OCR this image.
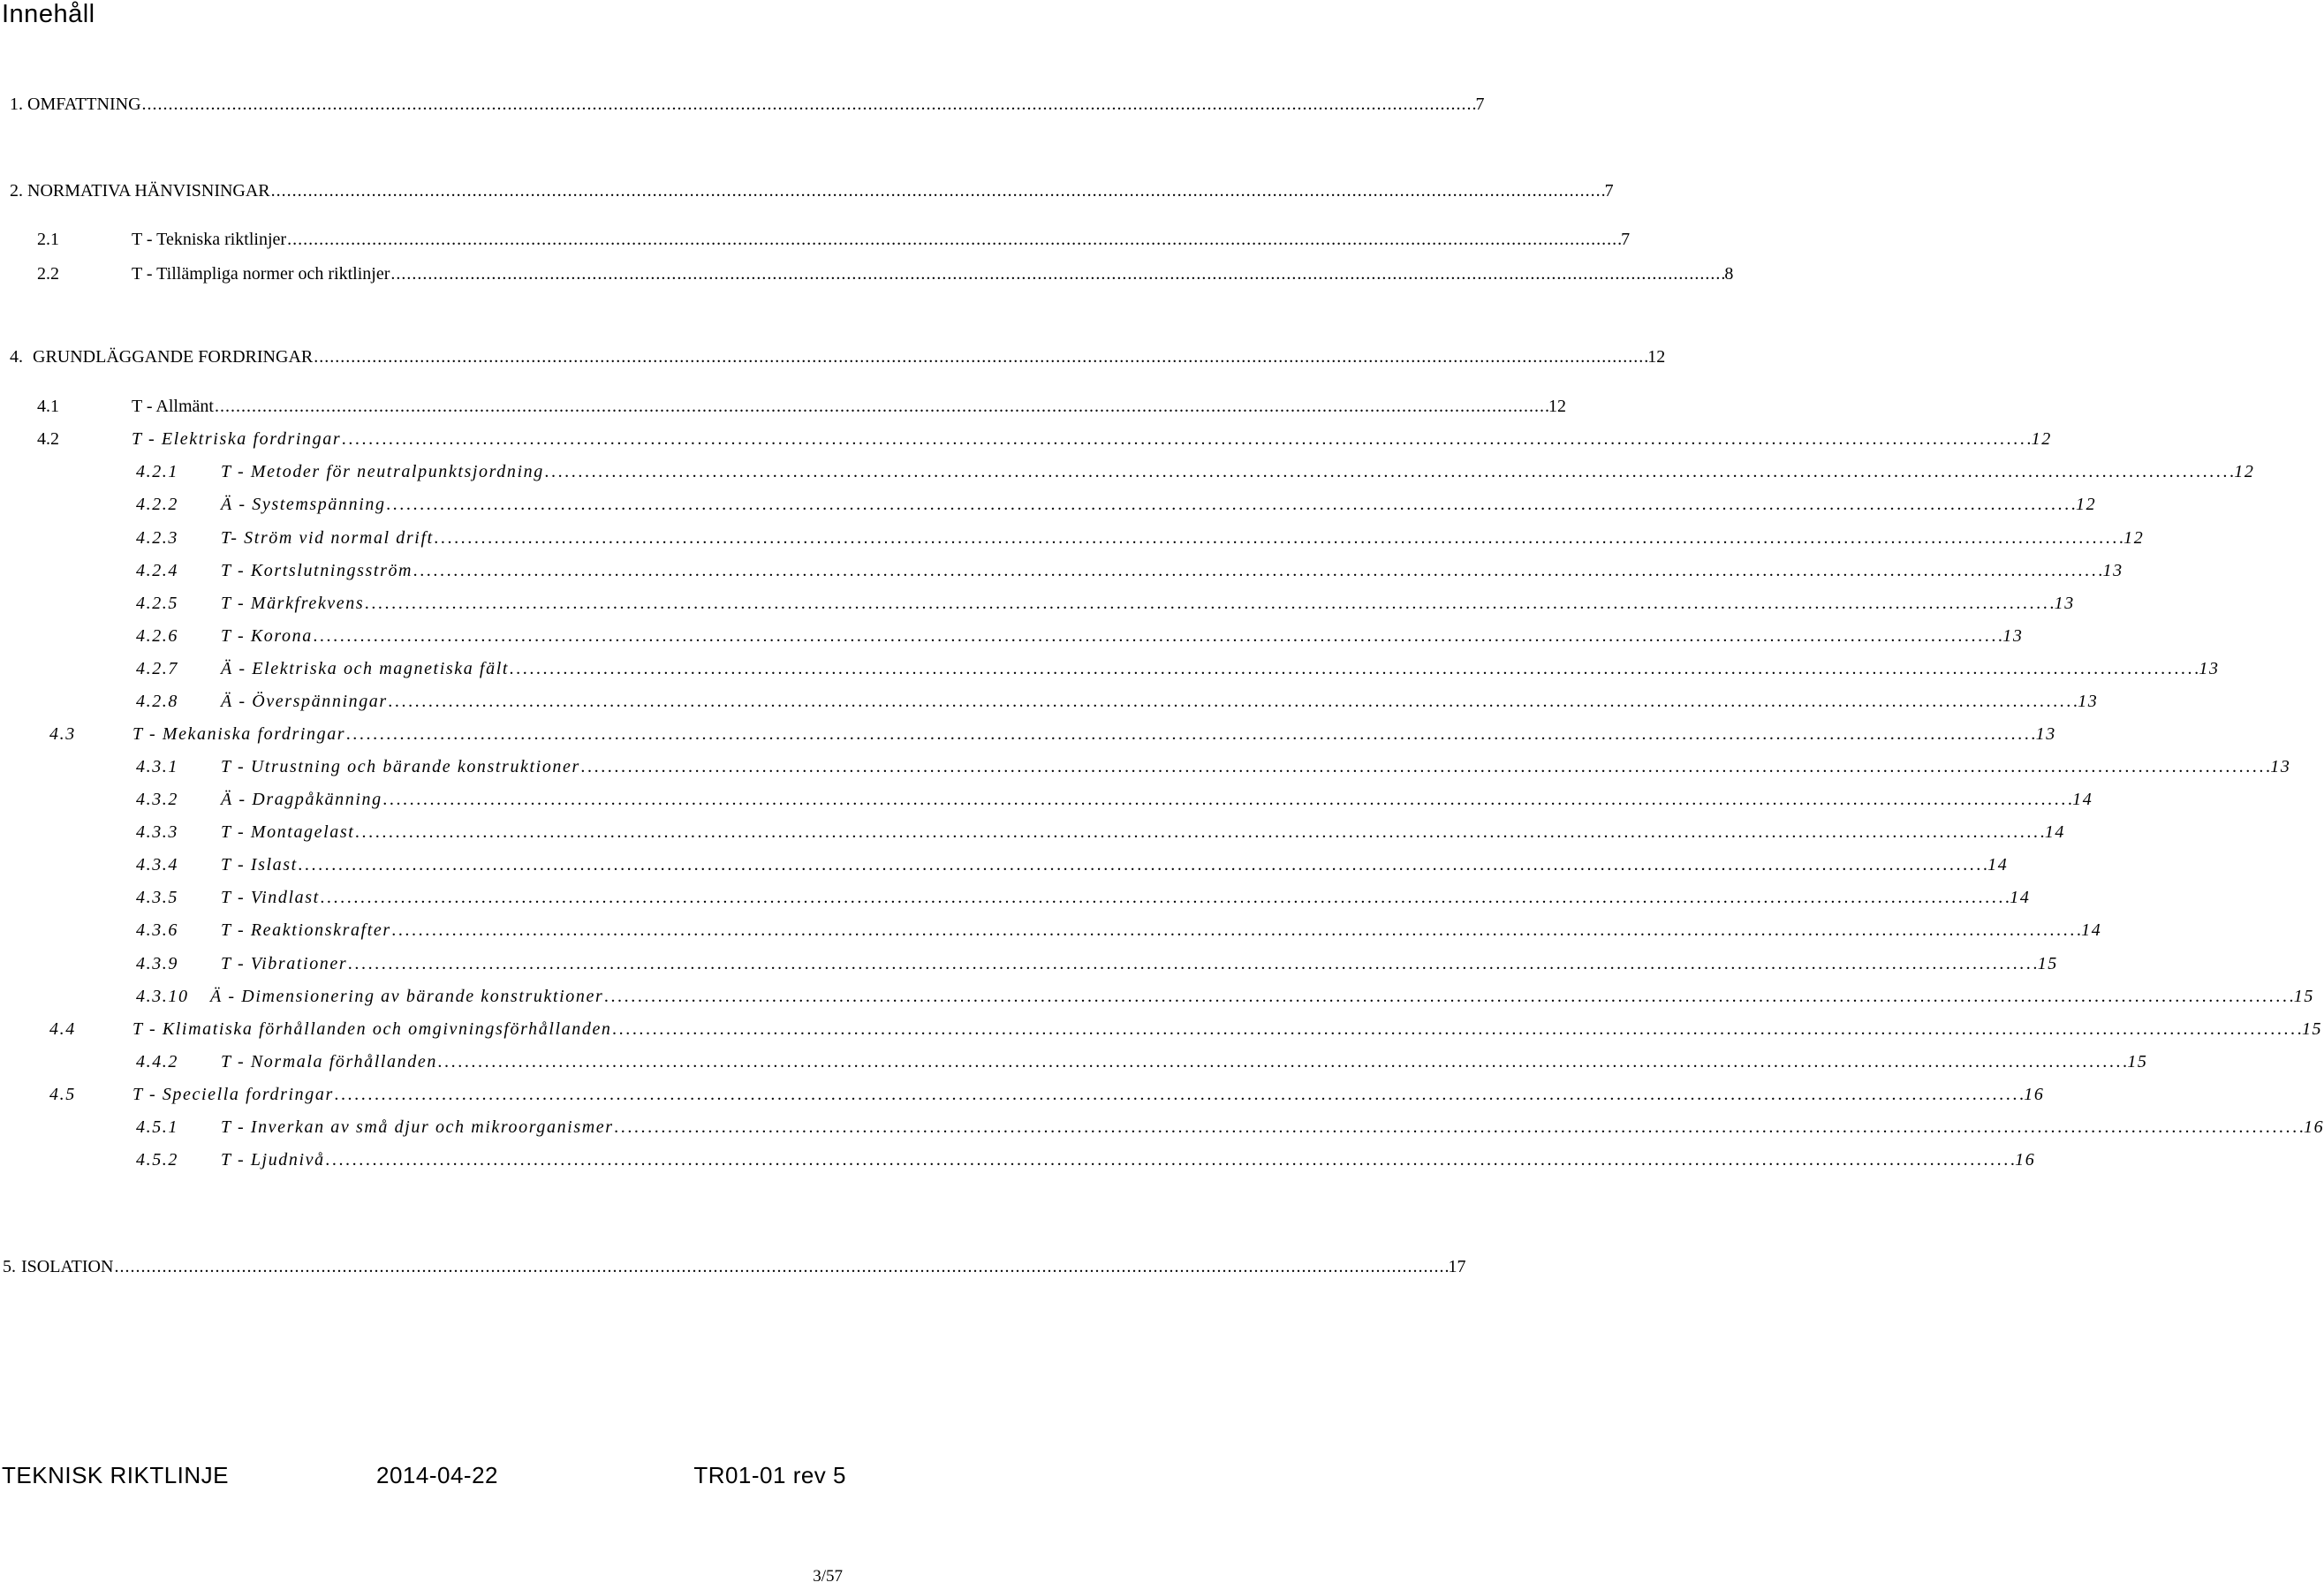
Innehåll
1. OMFATTNING . . .	7
2. NORMATIVA HÄNVISNINGAR . . .	7
2.1	T - Tekniska riktlinjer . . .	7
2.2	T - Tillämpliga normer och riktlinjer . . .	8
4. GRUNDLÄGGANDE FORDRINGAR . . .	12
4.1	T - Allmänt . . .	12
4.2	T - Elektriska fordringar . . .	12
4.2.1	T - Metoder för neutralpunktsjordning . . .	12
4.2.2	Ä - Systemspänning . . .	12
4.2.3	T- Ström vid normal drift . . .	12
4.2.4	T - Kortslutningsström . . .	13
4.2.5	T - Märkfrekvens . . .	13
4.2.6	T - Korona . . .	13
4.2.7	Ä - Elektriska och magnetiska fält . . .	13
4.2.8	Ä - Överspänningar . . .	13
4.3	T - Mekaniska fordringar . . .	13
4.3.1	T - Utrustning och bärande konstruktioner . . .	13
4.3.2	Ä - Dragpåkänning . . .	14
4.3.3	T - Montagelast . . .	14
4.3.4	T - Islast . . .	14
4.3.5	T - Vindlast . . .	14
4.3.6	T - Reaktionskrafter . . .	14
4.3.9	T - Vibrationer . . .	15
4.3.10	Ä - Dimensionering av bärande konstruktioner . . .	15
4.4	T - Klimatiska förhållanden och omgivningsförhållanden . . .	15
4.4.2	T - Normala förhållanden . . .	15
4.5	T - Speciella fordringar . . .	16
4.5.1	T - Inverkan av små djur och mikroorganismer . . .	16
4.5.2	T - Ljudnivå . . .	16
5. ISOLATION . . .	17
TEKNISK RIKTLINJE	2014-04-22	TR01-01 rev 5
3/57
